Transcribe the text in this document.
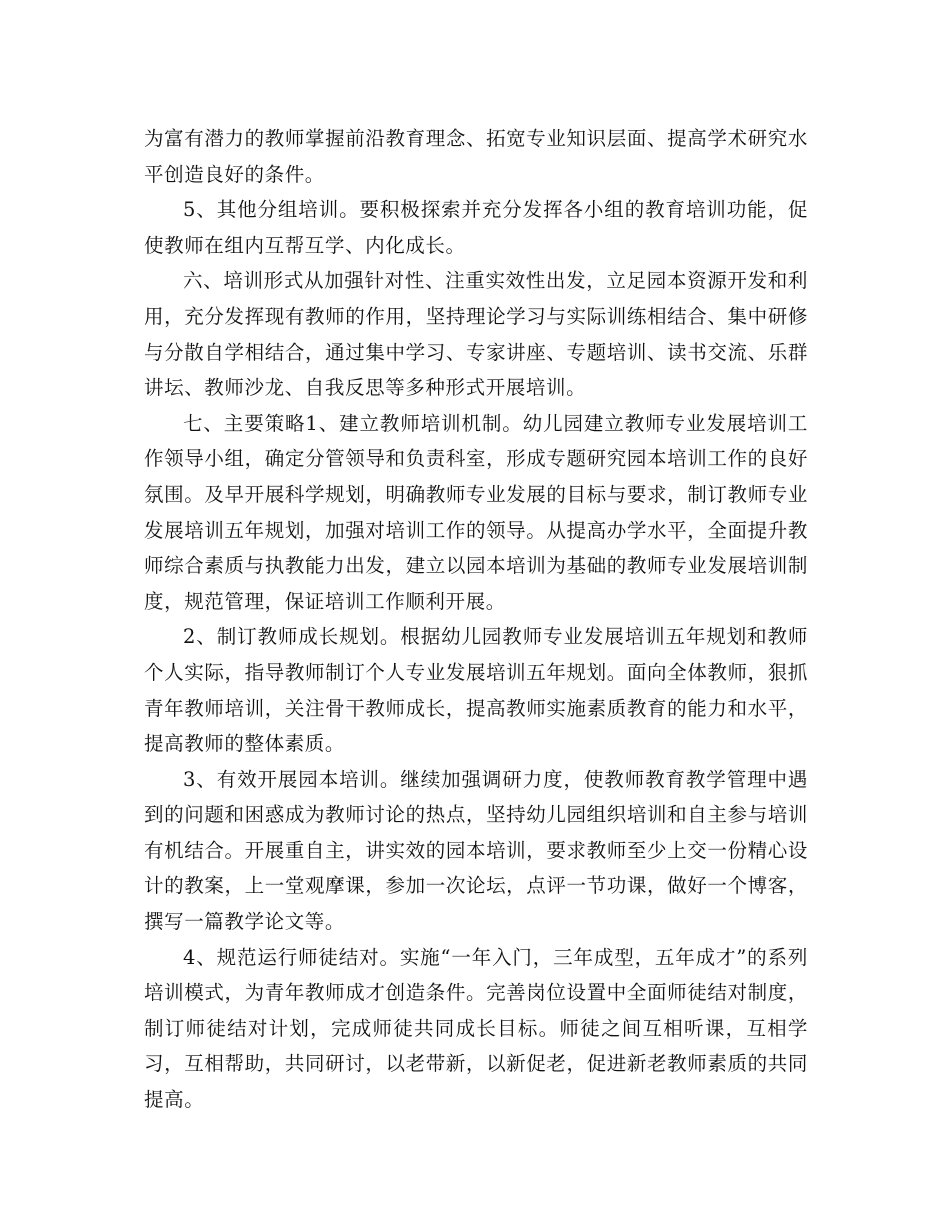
为富有潜力的教师掌握前沿教育理念、拓宽专业知识层面、提高学术研究水平创造良好的条件。

5、其他分组培训。要积极探索并充分发挥各小组的教育培训功能，促使教师在组内互帮互学、内化成长。

六、培训形式从加强针对性、注重实效性出发，立足园本资源开发和利用，充分发挥现有教师的作用，坚持理论学习与实际训练相结合、集中研修与分散自学相结合，通过集中学习、专家讲座、专题培训、读书交流、乐群讲坛、教师沙龙、自我反思等多种形式开展培训。

七、主要策略1、建立教师培训机制。幼儿园建立教师专业发展培训工作领导小组，确定分管领导和负责科室，形成专题研究园本培训工作的良好氛围。及早开展科学规划，明确教师专业发展的目标与要求，制订教师专业发展培训五年规划，加强对培训工作的领导。从提高办学水平，全面提升教师综合素质与执教能力出发，建立以园本培训为基础的教师专业发展培训制度，规范管理，保证培训工作顺利开展。

2、制订教师成长规划。根据幼儿园教师专业发展培训五年规划和教师个人实际，指导教师制订个人专业发展培训五年规划。面向全体教师，狠抓青年教师培训，关注骨干教师成长，提高教师实施素质教育的能力和水平，提高教师的整体素质。

3、有效开展园本培训。继续加强调研力度，使教师教育教学管理中遇到的问题和困惑成为教师讨论的热点，坚持幼儿园组织培训和自主参与培训有机结合。开展重自主，讲实效的园本培训，要求教师至少上交一份精心设计的教案，上一堂观摩课，参加一次论坛，点评一节功课，做好一个博客，撰写一篇教学论文等。

4、规范运行师徒结对。实施“一年入门，三年成型，五年成才”的系列培训模式，为青年教师成才创造条件。完善岗位设置中全面师徒结对制度，制订师徒结对计划，完成师徒共同成长目标。师徒之间互相听课，互相学习，互相帮助，共同研讨，以老带新，以新促老，促进新老教师素质的共同提高。
